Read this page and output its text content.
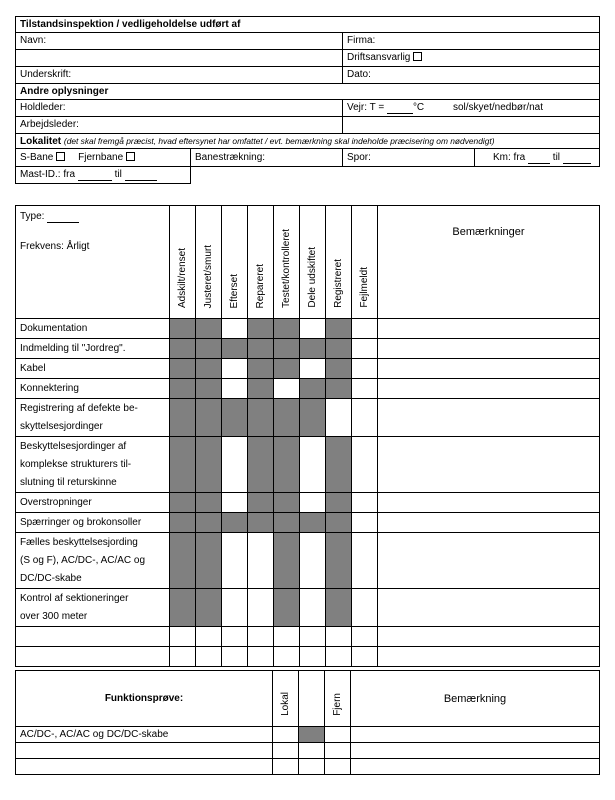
Tilstandsinspektion / vedligeholdelse udført af			
Navn:		Firma:	
		Driftsansvarlig	
Underskrift:		Dato:	
Andre oplysninger			
Holdleder:		Vejr: T = °C sol/skyet/nedbør/nat	
Arbejdsleder:			
Lokalitet (det skal fremgå præcist, hvad eftersynet har omfattet / evt. bemærkning skal indeholde præcisering om nødvendigt)			
S-Bane Fjernbane	Banestrækning:	Spor:	Km: fra til
Mast-ID.: fra til			
Type:
Frekvens: Årligt	Adskilt/renset	Justeret/smurt	Efterset	Repareret	Testet/kontrolleret	Dele udskiftet	Registreret	Fejlmeldt	Bemærkninger

Dokumentation									

Indmelding til "Jordreg".									

Kabel									

Konnektering									

Registrering af defekte be-
skyttelsesjordinger									

Beskyttelsesjordinger af
komplekse strukturers til-
slutning til returskinne									

Overstropninger									

Spærringer og brokonsoller									

Fælles beskyttelsesjording
(S og F), AC/DC-, AC/AC og
DC/DC-skabe									

Kontrol af sektioneringer
over 300 meter									

Funktionsprøve:	Lokal		Fjern	Bemærkning
AC/DC-, AC/AC og DC/DC-skabe				
